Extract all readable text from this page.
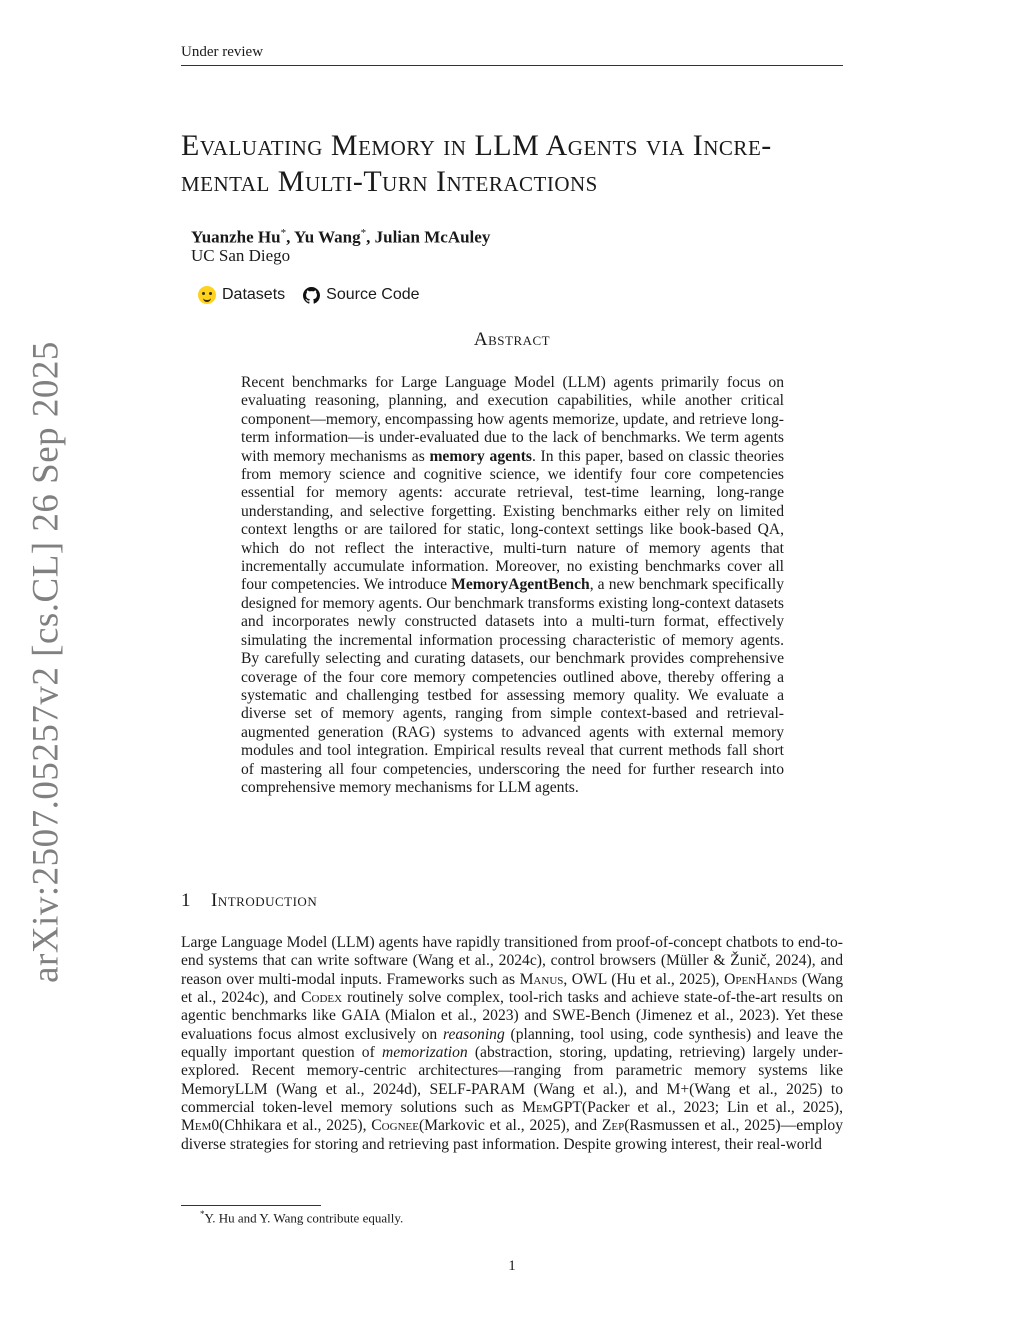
Under review
Evaluating Memory in LLM Agents via Incre-
mental Multi-Turn Interactions
Yuanzhe Hu*, Yu Wang*, Julian McAuley
UC San Diego
Datasets	Source Code
Abstract
Recent benchmarks for Large Language Model (LLM) agents primarily focus on evaluating reasoning, planning, and execution capabilities, while another critical component—memory, encompassing how agents memorize, update, and retrieve long-term information—is under-evaluated due to the lack of benchmarks. We term agents with memory mechanisms as memory agents. In this paper, based on classic theories from memory science and cognitive science, we identify four core competencies essential for memory agents: accurate retrieval, test-time learning, long-range understanding, and selective forgetting. Existing benchmarks either rely on limited context lengths or are tailored for static, long-context settings like book-based QA, which do not reflect the interactive, multi-turn nature of memory agents that incrementally accumulate information. Moreover, no existing benchmarks cover all four competencies. We introduce MemoryAgentBench, a new benchmark specifically designed for memory agents. Our benchmark transforms existing long-context datasets and incorporates newly constructed datasets into a multi-turn format, effectively simulating the incremental information processing characteristic of memory agents. By carefully selecting and curating datasets, our benchmark provides comprehensive coverage of the four core memory competencies outlined above, thereby offering a systematic and challenging testbed for assessing memory quality. We evaluate a diverse set of memory agents, ranging from simple context-based and retrieval-augmented generation (RAG) systems to advanced agents with external memory modules and tool integration. Empirical results reveal that current methods fall short of mastering all four competencies, underscoring the need for further research into comprehensive memory mechanisms for LLM agents.
arXiv:2507.05257v2 [cs.CL] 26 Sep 2025	1 Introduction
Large Language Model (LLM) agents have rapidly transitioned from proof-of-concept chatbots to end-to-end systems that can write software (Wang et al., 2024c), control browsers (Müller & Žunič, 2024), and reason over multi-modal inputs. Frameworks such as Manus, OWL (Hu et al., 2025), OpenHands (Wang et al., 2024c), and Codex routinely solve complex, tool-rich tasks and achieve state-of-the-art results on agentic benchmarks like GAIA (Mialon et al., 2023) and SWE-Bench (Jimenez et al., 2023). Yet these evaluations focus almost exclusively on reasoning (planning, tool using, code synthesis) and leave the equally important question of memorization (abstraction, storing, updating, retrieving) largely under-explored. Recent memory-centric architectures—ranging from parametric memory systems like MemoryLLM (Wang et al., 2024d), SELF-PARAM (Wang et al.), and M+(Wang et al., 2025) to commercial token-level memory solutions such as MemGPT(Packer et al., 2023; Lin et al., 2025), Mem0(Chhikara et al., 2025), Cognee(Markovic et al., 2025), and Zep(Rasmussen et al., 2025)—employ diverse strategies for storing and retrieving past information. Despite growing interest, their real-world
*Y. Hu and Y. Wang contribute equally.
1
